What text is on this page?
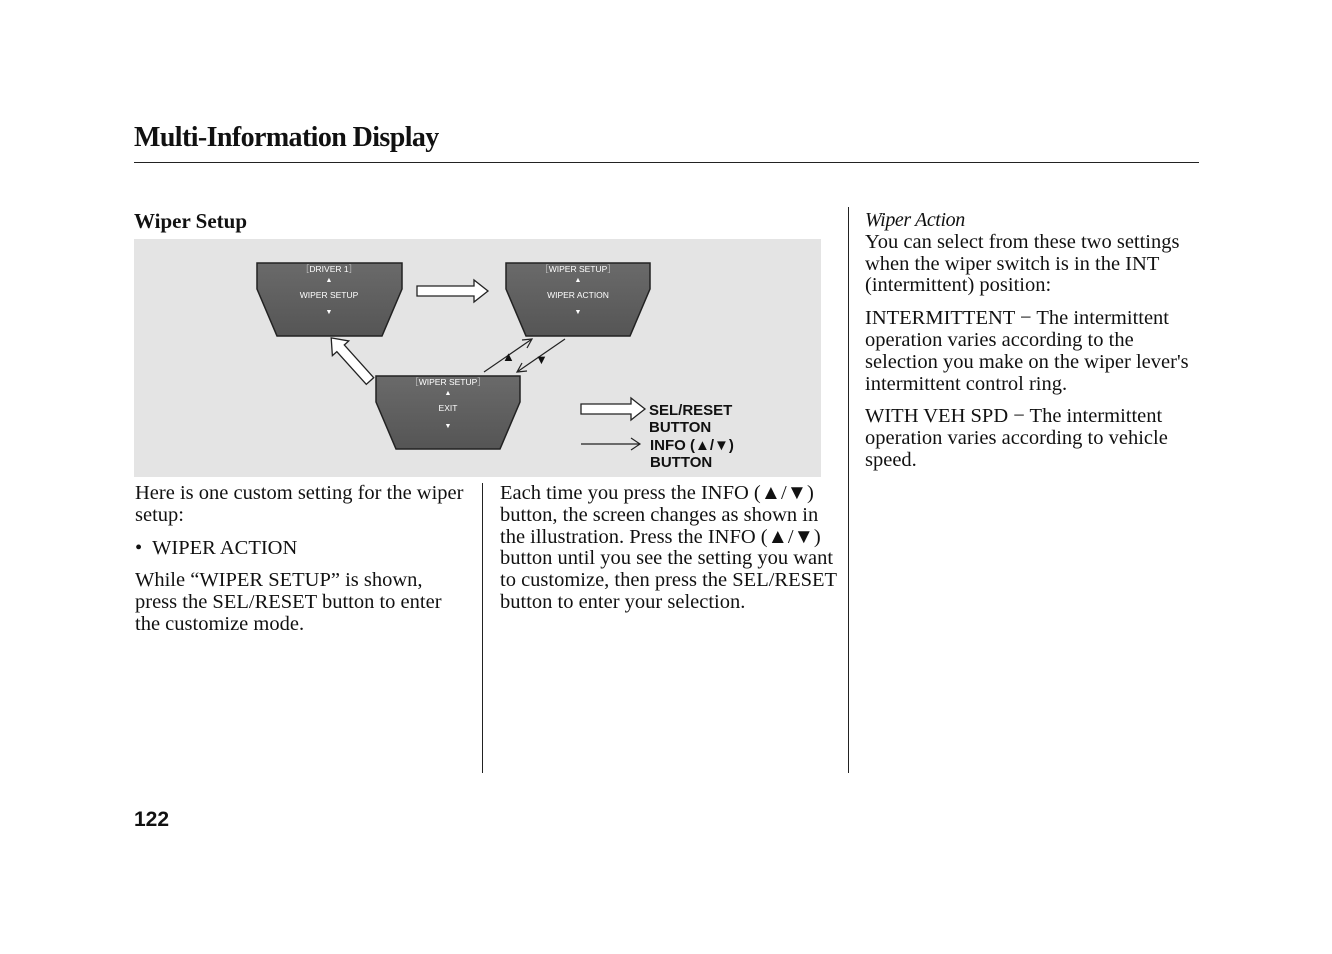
Multi-Information Display
Wiper Setup
［DRIVER 1］
▲
WIPER SETUP
▼
［WIPER SETUP］
▲
WIPER ACTION
▼
［WIPER SETUP］
▲
EXIT
▼
▲ ▼
SEL/RESET
BUTTON
INFO (▲/▼)
BUTTON

Here is one custom setting for the wiper setup:

• WIPER ACTION

While “WIPER SETUP” is shown, press the SEL/RESET button to enter the customize mode.

Each time you press the INFO (▲/▼) button, the screen changes as shown in the illustration. Press the INFO (▲/▼) button until you see the setting you want to customize, then press the SEL/RESET button to enter your selection.

Wiper Action

You can select from these two settings when the wiper switch is in the INT (intermittent) position:

INTERMITTENT − The intermittent operation varies according to the selection you make on the wiper lever's intermittent control ring.

WITH VEH SPD − The intermittent operation varies according to vehicle speed.

122
